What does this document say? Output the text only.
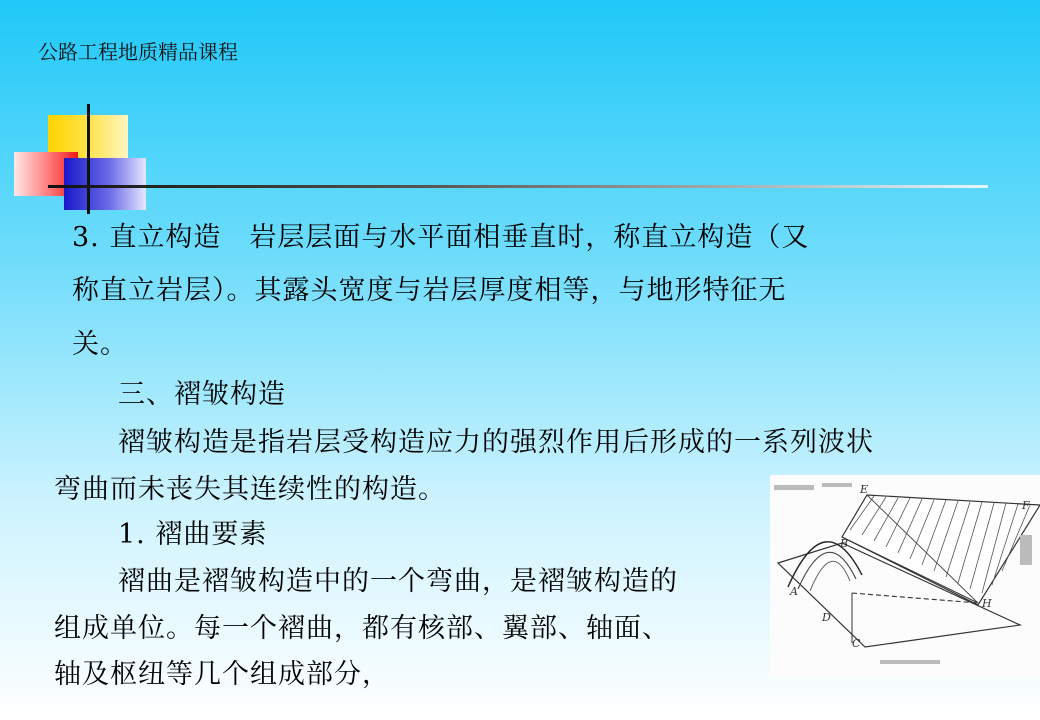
公路工程地质精品课程
3. 直立构造　岩层层面与水平面相垂直时，称直立构造（又
称直立岩层）。其露头宽度与岩层厚度相等，与地形特征无
关。
三、褶皱构造
褶皱构造是指岩层受构造应力的强烈作用后形成的一系列波状
弯曲而未丧失其连续性的构造。
1. 褶曲要素
褶曲是褶皱构造中的一个弯曲，是褶皱构造的
组成单位。每一个褶曲，都有核部、翼部、轴面、
轴及枢纽等几个组成部分，
E
F
B
A
D
C
H
